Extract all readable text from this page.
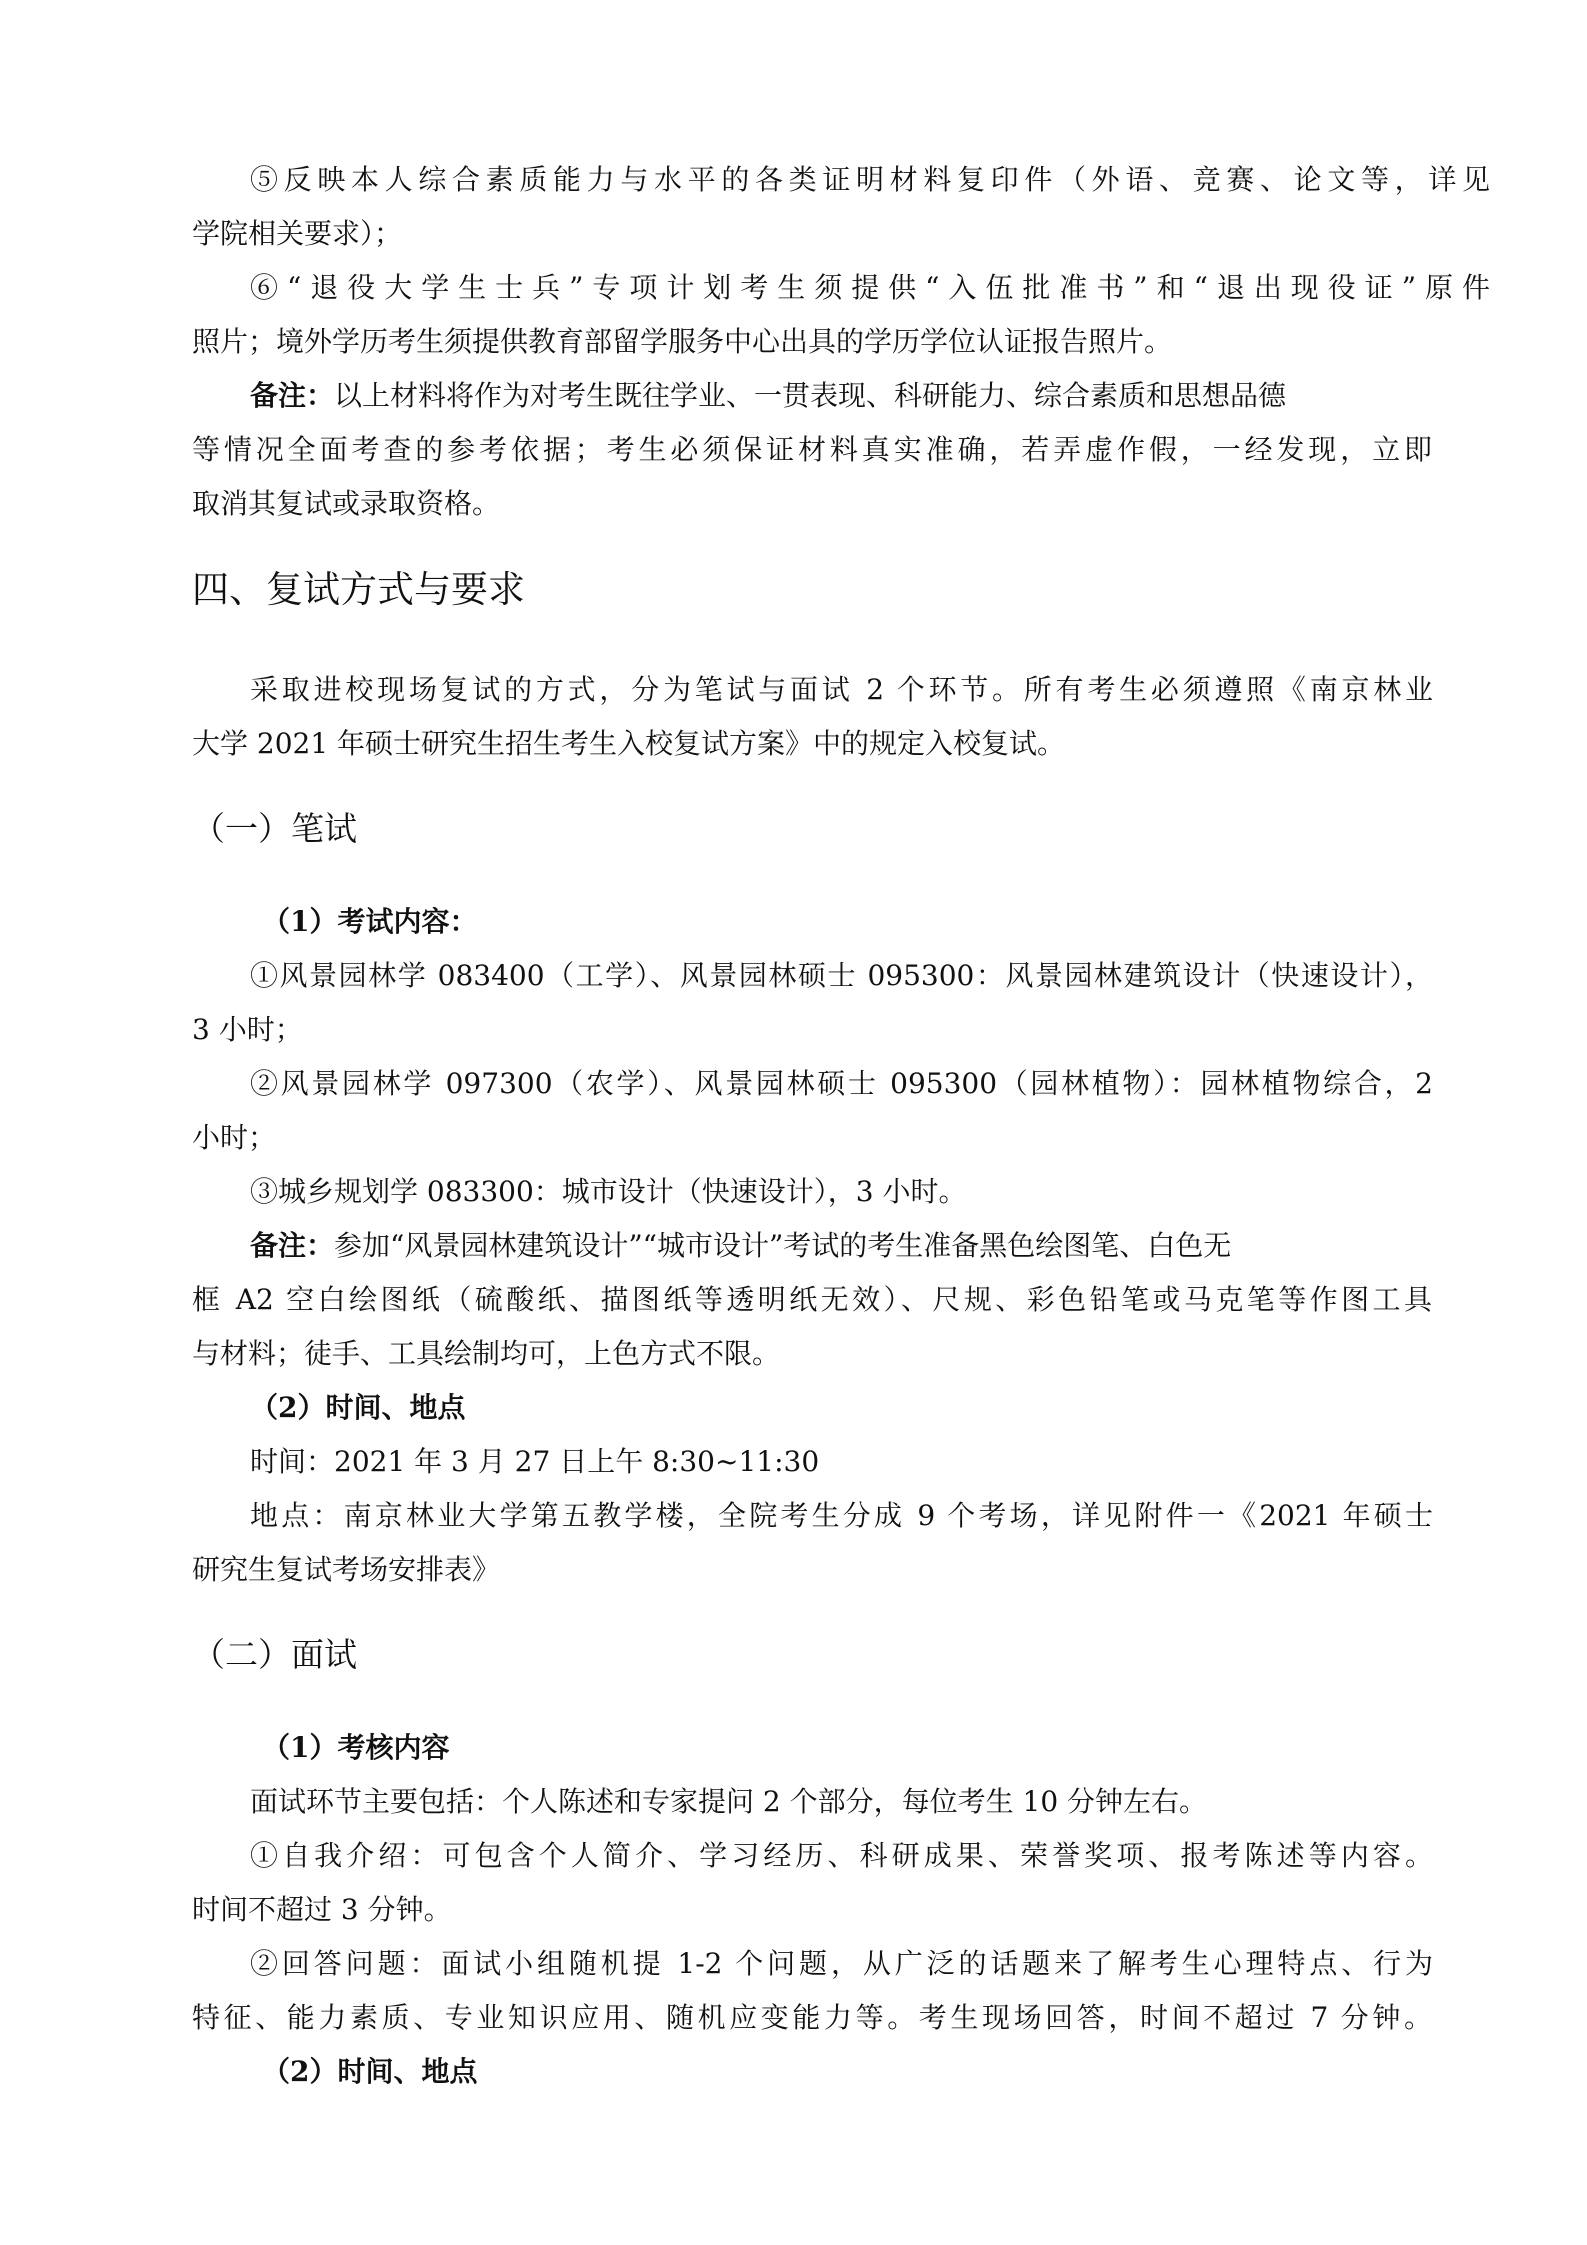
⑤反映本人综合素质能力与水平的各类证明材料复印件（外语、竞赛、论文等，详见
学院相关要求）；
⑥“退役大学生士兵”专项计划考生须提供“入伍批准书”和“退出现役证”原件
照片；境外学历考生须提供教育部留学服务中心出具的学历学位认证报告照片。
备注：以上材料将作为对考生既往学业、一贯表现、科研能力、综合素质和思想品德
等情况全面考查的参考依据；考生必须保证材料真实准确，若弄虚作假，一经发现，立即
取消其复试或录取资格。
四、复试方式与要求
采取进校现场复试的方式，分为笔试与面试 2 个环节。所有考生必须遵照《南京林业
大学 2021 年硕士研究生招生考生入校复试方案》中的规定入校复试。
（一）笔试
（1）考试内容：
①风景园林学 083400（工学）、风景园林硕士 095300：风景园林建筑设计（快速设计），
3 小时；
②风景园林学 097300（农学）、风景园林硕士 095300（园林植物）：园林植物综合，2
小时；
③城乡规划学 083300：城市设计（快速设计），3 小时。
备注：参加“风景园林建筑设计”“城市设计”考试的考生准备黑色绘图笔、白色无
框 A2 空白绘图纸（硫酸纸、描图纸等透明纸无效）、尺规、彩色铅笔或马克笔等作图工具
与材料；徒手、工具绘制均可，上色方式不限。
（2）时间、地点
时间：2021 年 3 月 27 日上午 8:30~11:30
地点：南京林业大学第五教学楼，全院考生分成 9 个考场，详见附件一《2021 年硕士
研究生复试考场安排表》
（二）面试
（1）考核内容
面试环节主要包括：个人陈述和专家提问 2 个部分，每位考生 10 分钟左右。
①自我介绍：可包含个人简介、学习经历、科研成果、荣誉奖项、报考陈述等内容。
时间不超过 3 分钟。
②回答问题：面试小组随机提 1-2 个问题，从广泛的话题来了解考生心理特点、行为
特征、能力素质、专业知识应用、随机应变能力等。考生现场回答，时间不超过 7 分钟。
（2）时间、地点
